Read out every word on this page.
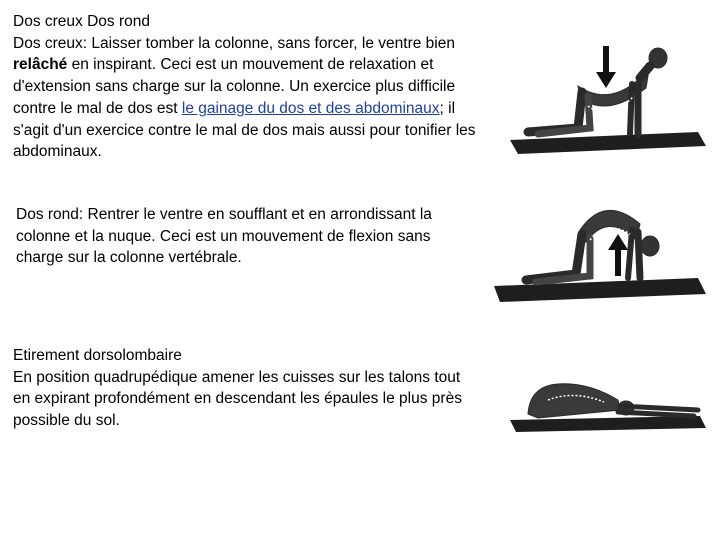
Dos creux Dos rond
Dos creux: Laisser tomber la colonne, sans forcer, le ventre bien relâché en inspirant. Ceci est un mouvement de relaxation et d'extension sans charge sur la colonne. Un exercice plus difficile contre le mal de dos est le gainage du dos et des abdominaux; il s'agit d'un exercice contre le mal de dos mais aussi pour tonifier les abdominaux.
Dos rond: Rentrer le ventre en soufflant et en arrondissant la colonne et la nuque. Ceci est un mouvement de flexion sans charge sur la colonne vertébrale.
Etirement dorsolombaire
En position quadrupédique amener les cuisses sur les talons tout en expirant profondément en descendant les épaules le plus près possible du sol.
